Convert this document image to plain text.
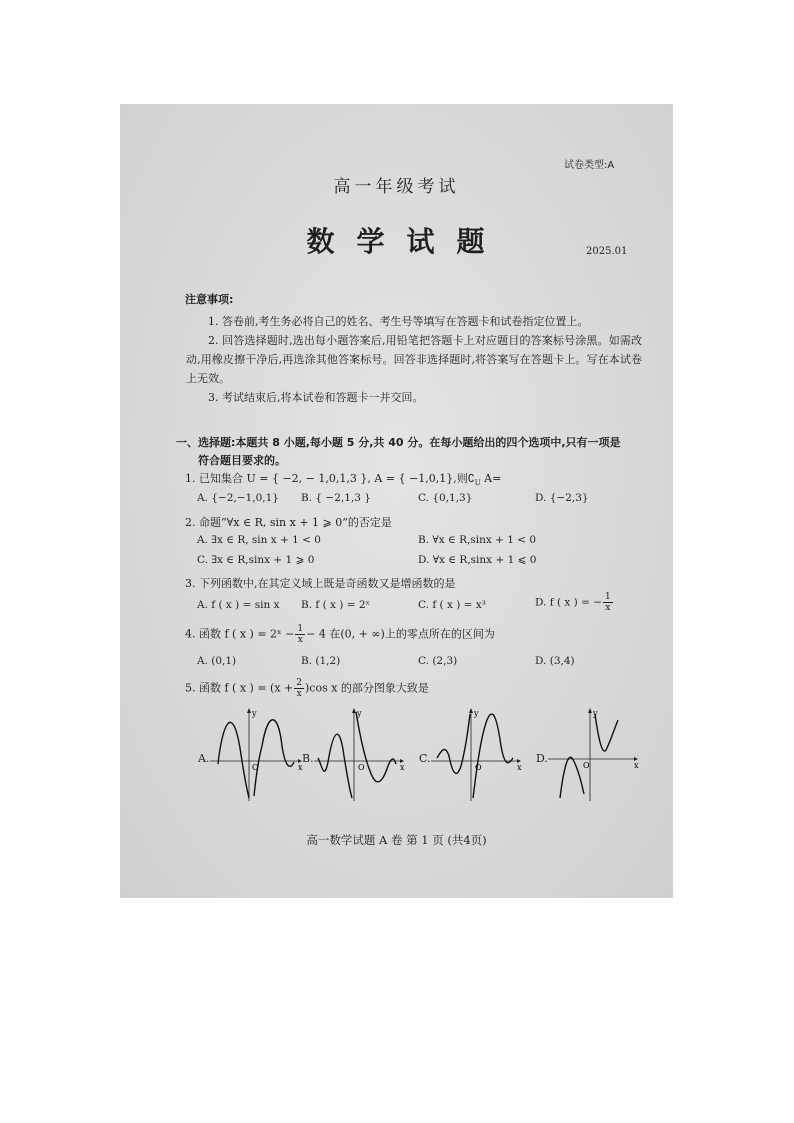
试卷类型:A
高一年级考试
数学试题	2025.01
注意事项:

1. 答卷前,考生务必将自己的姓名、考生号等填写在答题卡和试卷指定位置上。

2. 回答选择题时,选出每小题答案后,用铅笔把答题卡上对应题目的答案标号涂黑。如需改动,用橡皮擦干净后,再选涂其他答案标号。回答非选择题时,将答案写在答题卡上。写在本试卷上无效。

3. 考试结束后,将本试卷和答题卡一并交回。

一、选择题:本题共 8 小题,每小题 5 分,共 40 分。在每小题给出的四个选项中,只有一项是
符合题目要求的。
1. 已知集合 U = { −2, − 1,0,1,3 }, A = { −1,0,1},则$∁_U$ A=
A. {−2,−1,0,1} B. { −2,1,3 }	C. {0,1,3}	D. {−2,3}
2. 命题“∀x ∈ R, sin x + 1 ⩾ 0”的否定是
A. ∃x ∈ R, sin x + 1 < 0	B. ∀x ∈ R,sinx + 1 < 0
C. ∃x ∈ R,sinx + 1 ⩾ 0	D. ∀x ∈ R,sinx + 1 ⩽ 0
3. 下列函数中,在其定义域上既是奇函数又是增函数的是
A. f ( x ) = sin x B. f ( x ) = 2ˣ	C. f ( x ) = x³	D. f ( x ) = − $\frac{1}{x}$
4. 函数 f ( x ) = 2ˣ − $\frac{1}{x} - 4$ 在(0, + ∞)上的零点所在的区间为
A. (0,1)	B. (1,2)	C. (2,3)	D. (3,4)
5. 函数 f ( x ) = $(x + \frac{2}{x} )\cos$ x 的部分图象大致是
A.
y
x
O
B.
y
x
O
C.
y
x
O
D.
y
x
O
高一数学试题 A 卷 第 1 页 (共4页)
